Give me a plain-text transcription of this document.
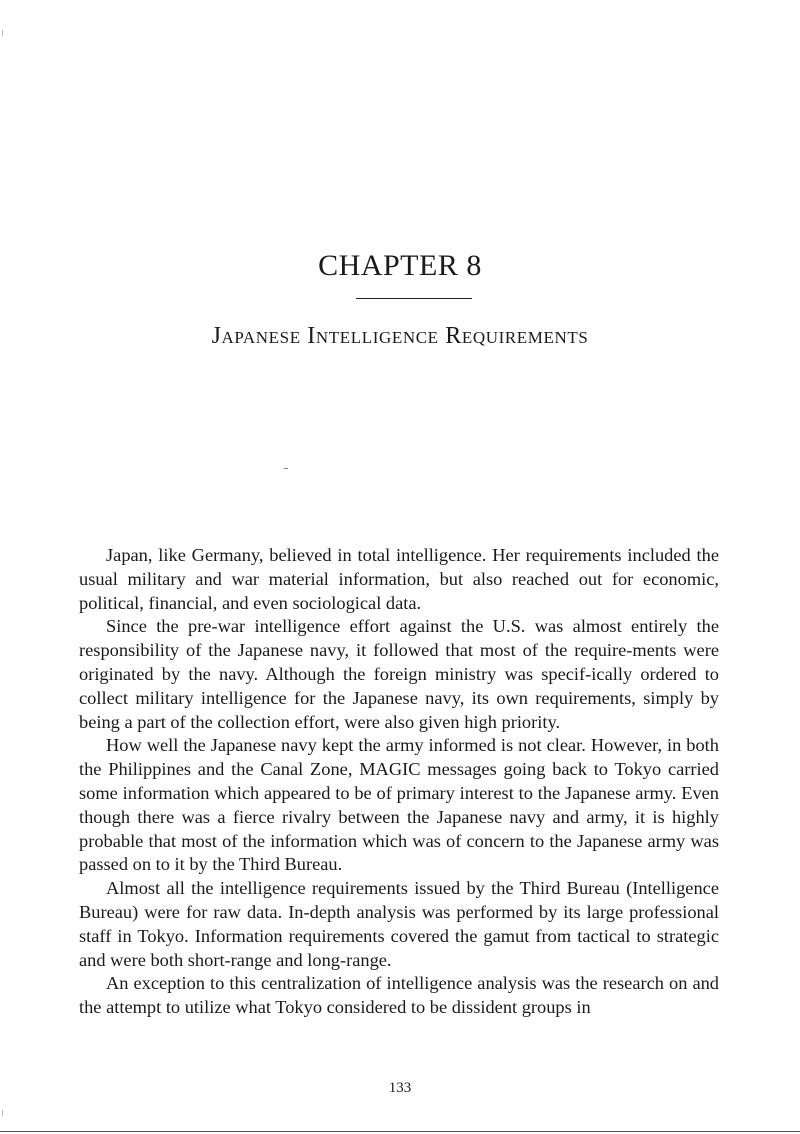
CHAPTER 8
Japanese Intelligence Requirements

Japan, like Germany, believed in total intelligence. Her requirements included the usual military and war material information, but also reached out for economic, political, financial, and even sociological data.

Since the pre-war intelligence effort against the U.S. was almost entirely the responsibility of the Japanese navy, it followed that most of the require-ments were originated by the navy. Although the foreign ministry was specif-ically ordered to collect military intelligence for the Japanese navy, its own requirements, simply by being a part of the collection effort, were also given high priority.

How well the Japanese navy kept the army informed is not clear. However, in both the Philippines and the Canal Zone, MAGIC messages going back to Tokyo carried some information which appeared to be of primary interest to the Japanese army. Even though there was a fierce rivalry between the Japanese navy and army, it is highly probable that most of the information which was of concern to the Japanese army was passed on to it by the Third Bureau.

Almost all the intelligence requirements issued by the Third Bureau (Intelligence Bureau) were for raw data. In-depth analysis was performed by its large professional staff in Tokyo. Information requirements covered the gamut from tactical to strategic and were both short-range and long-range.

An exception to this centralization of intelligence analysis was the research on and the attempt to utilize what Tokyo considered to be dissident groups in

133
